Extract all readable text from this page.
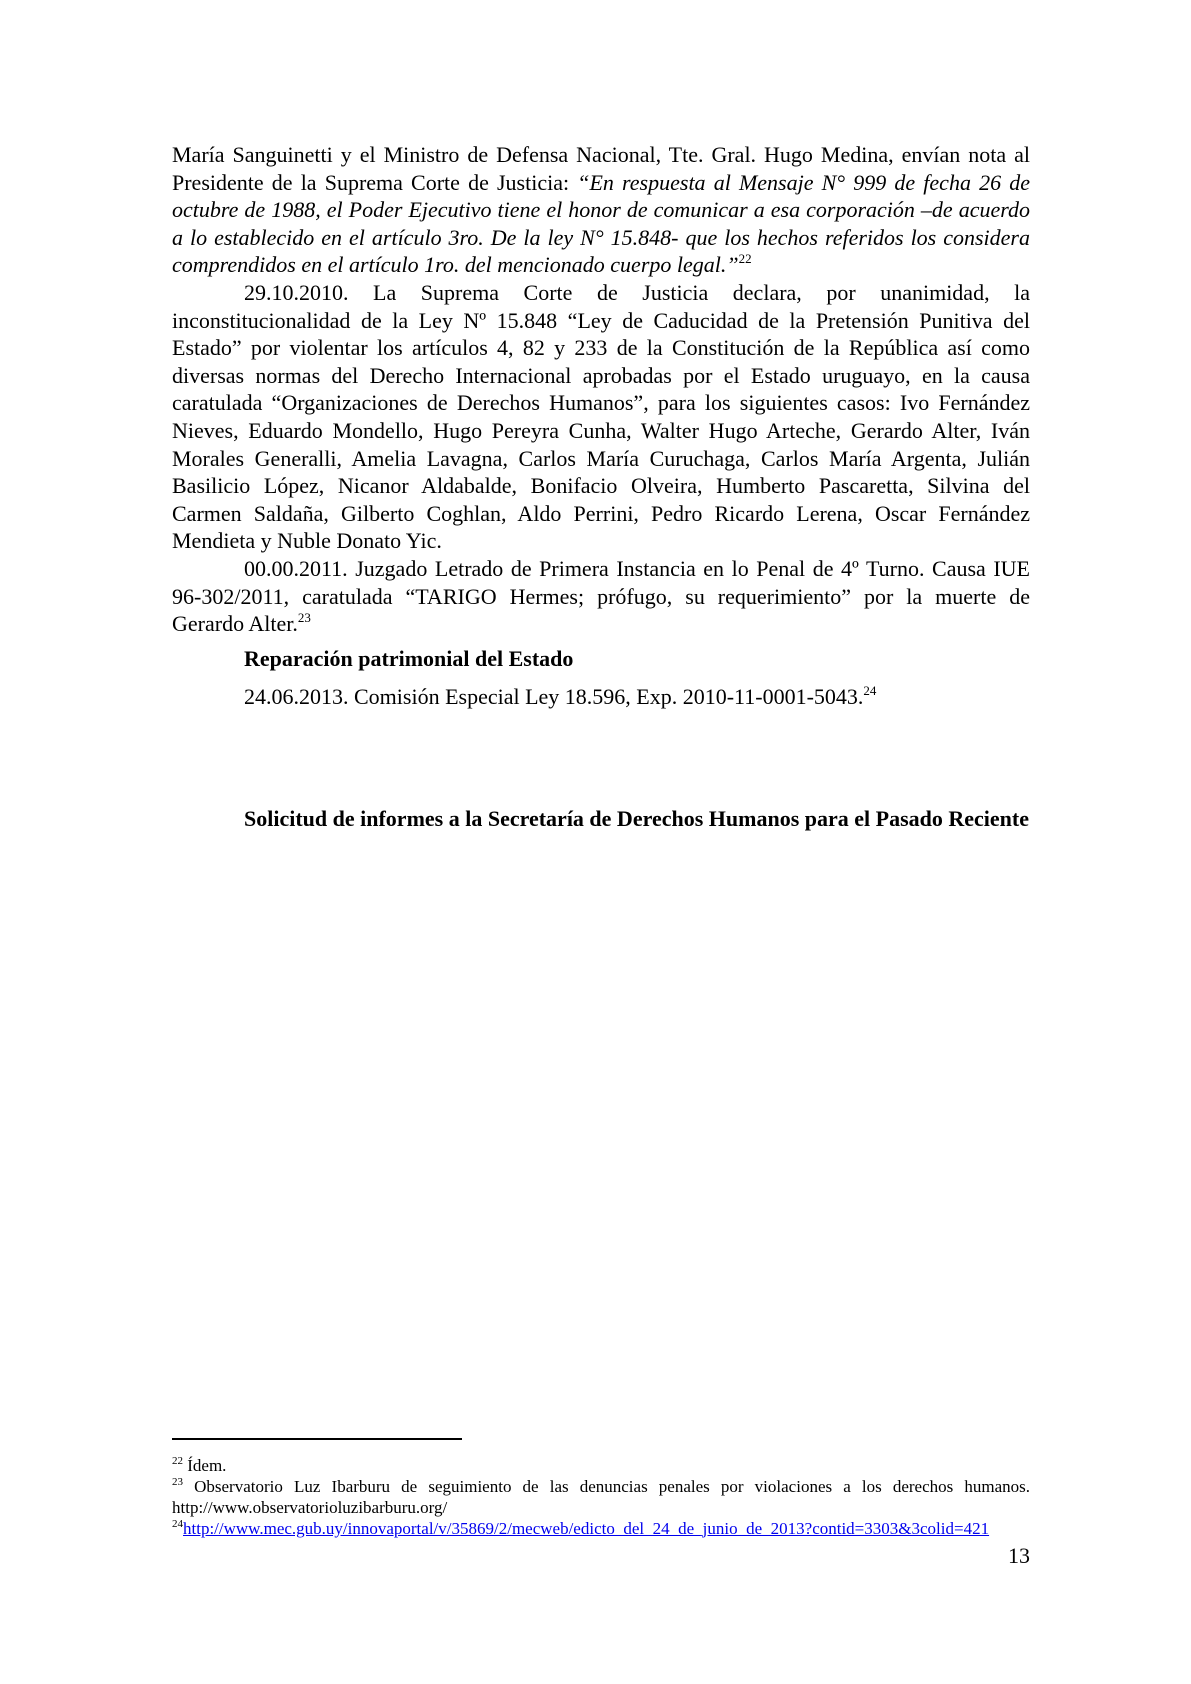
María Sanguinetti y el Ministro de Defensa Nacional, Tte. Gral. Hugo Medina, envían nota al Presidente de la Suprema Corte de Justicia: “En respuesta al Mensaje N° 999 de fecha 26 de octubre de 1988, el Poder Ejecutivo tiene el honor de comunicar a esa corporación –de acuerdo a lo establecido en el artículo 3ro. De la ley N° 15.848- que los hechos referidos los considera comprendidos en el artículo 1ro. del mencionado cuerpo legal.”$^{22}$

29.10.2010. La Suprema Corte de Justicia declara, por unanimidad, la inconstitucionalidad de la Ley Nº 15.848 “Ley de Caducidad de la Pretensión Punitiva del Estado” por violentar los artículos 4, 82 y 233 de la Constitución de la República así como diversas normas del Derecho Internacional aprobadas por el Estado uruguayo, en la causa caratulada “Organizaciones de Derechos Humanos”, para los siguientes casos: Ivo Fernández Nieves, Eduardo Mondello, Hugo Pereyra Cunha, Walter Hugo Arteche, Gerardo Alter, Iván Morales Generalli, Amelia Lavagna, Carlos María Curuchaga, Carlos María Argenta, Julián Basilicio López, Nicanor Aldabalde, Bonifacio Olveira, Humberto Pascaretta, Silvina del Carmen Saldaña, Gilberto Coghlan, Aldo Perrini, Pedro Ricardo Lerena, Oscar Fernández Mendieta y Nuble Donato Yic.

00.00.2011. Juzgado Letrado de Primera Instancia en lo Penal de 4º Turno. Causa IUE 96-302/2011, caratulada “TARIGO Hermes; prófugo, su requerimiento” por la muerte de Gerardo Alter.$^{23}$

Reparación patrimonial del Estado
24.06.2013. Comisión Especial Ley 18.596, Exp. 2010-11-0001-5043.24
Solicitud de informes a la Secretaría de Derechos Humanos para el Pasado Reciente

$^{22}$ Ídem.

$^{23}$ Observatorio Luz Ibarburu de seguimiento de las denuncias penales por violaciones a los derechos humanos. http://www.observatorioluzibarburu.org/

$^{24}$http://www.mec.gub.uy/innovaportal/v/35869/2/mecweb/edicto_del_24_de_junio_de_2013?contid=3303&3colid=421

13
